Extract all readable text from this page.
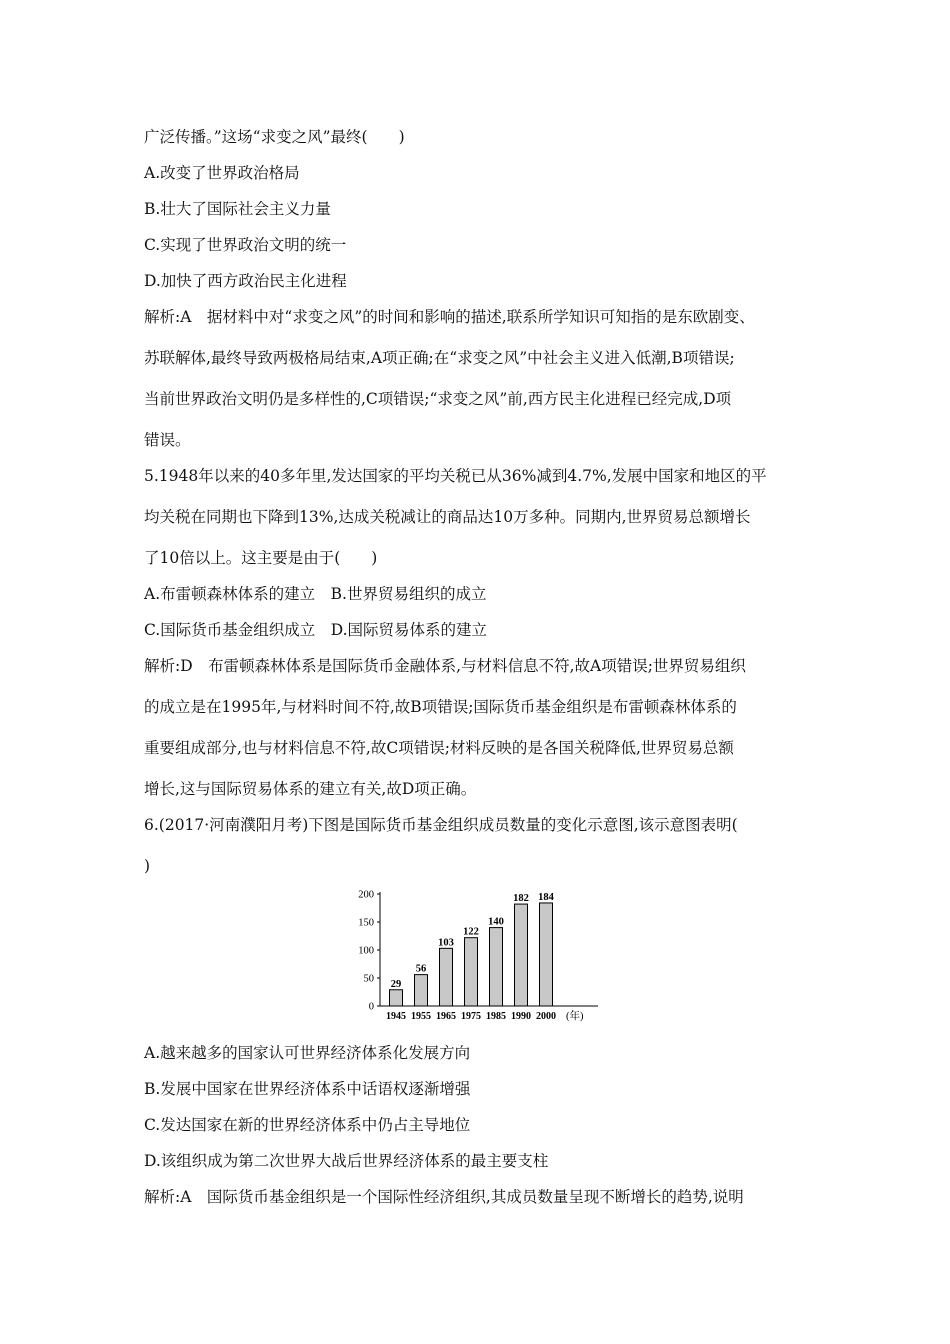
广泛传播。”这场“求变之风”最终(　　)
A.改变了世界政治格局
B.壮大了国际社会主义力量
C.实现了世界政治文明的统一
D.加快了西方政治民主化进程
解析:A　据材料中对“求变之风”的时间和影响的描述,联系所学知识可知指的是东欧剧变、
苏联解体,最终导致两极格局结束,A项正确;在“求变之风”中社会主义进入低潮,B项错误;
当前世界政治文明仍是多样性的,C项错误;“求变之风”前,西方民主化进程已经完成,D项
错误。
5.1948年以来的40多年里,发达国家的平均关税已从36%减到4.7%,发展中国家和地区的平
均关税在同期也下降到13%,达成关税减让的商品达10万多种。同期内,世界贸易总额增长
了10倍以上。这主要是由于(　　)
A.布雷顿森林体系的建立　B.世界贸易组织的成立
C.国际货币基金组织成立　D.国际贸易体系的建立
解析:D　布雷顿森林体系是国际货币金融体系,与材料信息不符,故A项错误;世界贸易组织
的成立是在1995年,与材料时间不符,故B项错误;国际货币基金组织是布雷顿森林体系的
重要组成部分,也与材料信息不符,故C项错误;材料反映的是各国关税降低,世界贸易总额
增长,这与国际贸易体系的建立有关,故D项正确。
6.(2017·河南濮阳月考)下图是国际货币基金组织成员数量的变化示意图,该示意图表明(
)
200
150
100
50
0
29
1945
56
1955
103
1965
122
1975
140
1985
182
1990
184
2000 (年)
A.越来越多的国家认可世界经济体系化发展方向
B.发展中国家在世界经济体系中话语权逐渐增强
C.发达国家在新的世界经济体系中仍占主导地位
D.该组织成为第二次世界大战后世界经济体系的最主要支柱
解析:A　国际货币基金组织是一个国际性经济组织,其成员数量呈现不断增长的趋势,说明
